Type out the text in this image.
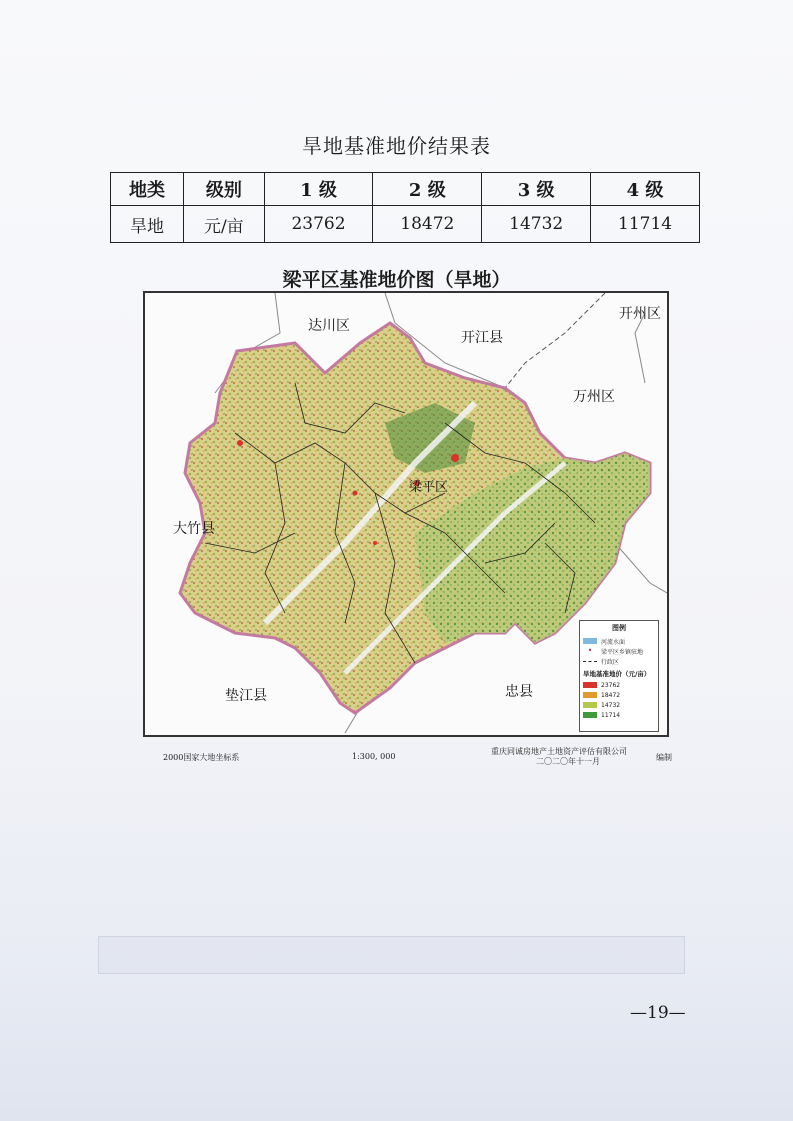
旱地基准地价结果表
地类	级别	1 级	2 级	3 级	4 级
旱地	元/亩	23762	18472	14732	11714
梁平区基准地价图（旱地）
达川区
开江县
开州区
万州区
大竹县
梁平区
垫江县	忠县
图例
河流水面
•	梁平区乡镇驻地
行政区
旱地基准地价（元/亩）
23762
18472
14732
11714
2000国家大地坐标系	1:300, 000
重庆同诚房地产土地资产评估有限公司
二〇二〇年十一月	编制
—19—
